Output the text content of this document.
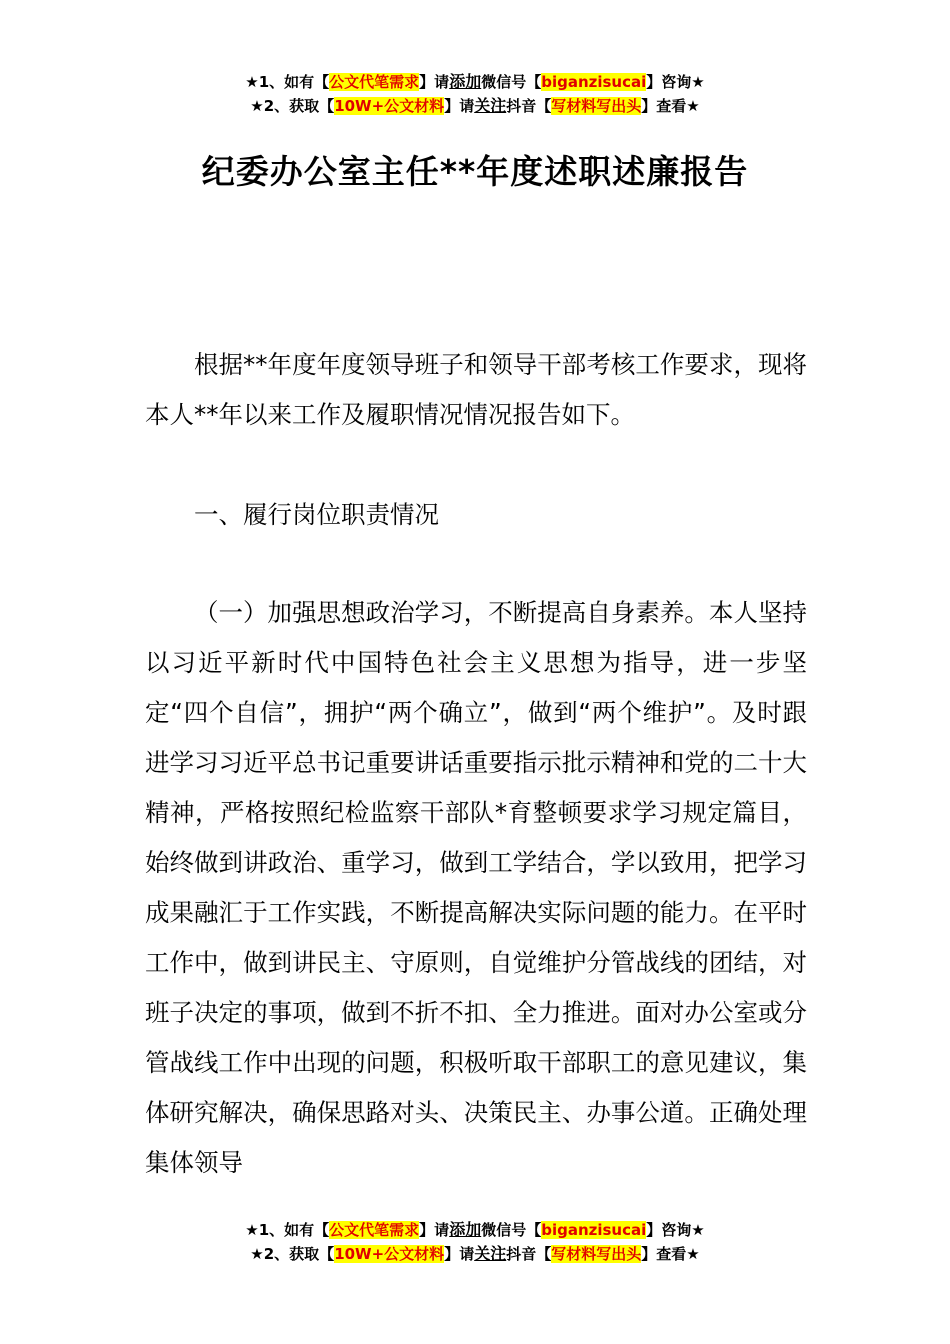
★1、如有【公文代笔需求】请添加微信号【biganzisucai】咨询★
★2、获取【10W+公文材料】请关注抖音【写材料写出头】查看★
纪委办公室主任**年度述职述廉报告

根据**年度年度领导班子和领导干部考核工作要求，现将本人**年以来工作及履职情况情况报告如下。

一、履行岗位职责情况

（一）加强思想政治学习，不断提高自身素养。本人坚持以习近平新时代中国特色社会主义思想为指导，进一步坚定“四个自信”，拥护“两个确立”，做到“两个维护”。及时跟进学习习近平总书记重要讲话重要指示批示精神和党的二十大精神，严格按照纪检监察干部队*育整顿要求学习规定篇目，始终做到讲政治、重学习，做到工学结合，学以致用，把学习成果融汇于工作实践，不断提高解决实际问题的能力。在平时工作中，做到讲民主、守原则，自觉维护分管战线的团结，对班子决定的事项，做到不折不扣、全力推进。面对办公室或分管战线工作中出现的问题，积极听取干部职工的意见建议，集体研究解决，确保思路对头、决策民主、办事公道。正确处理集体领导

★1、如有【公文代笔需求】请添加微信号【biganzisucai】咨询★
★2、获取【10W+公文材料】请关注抖音【写材料写出头】查看★
